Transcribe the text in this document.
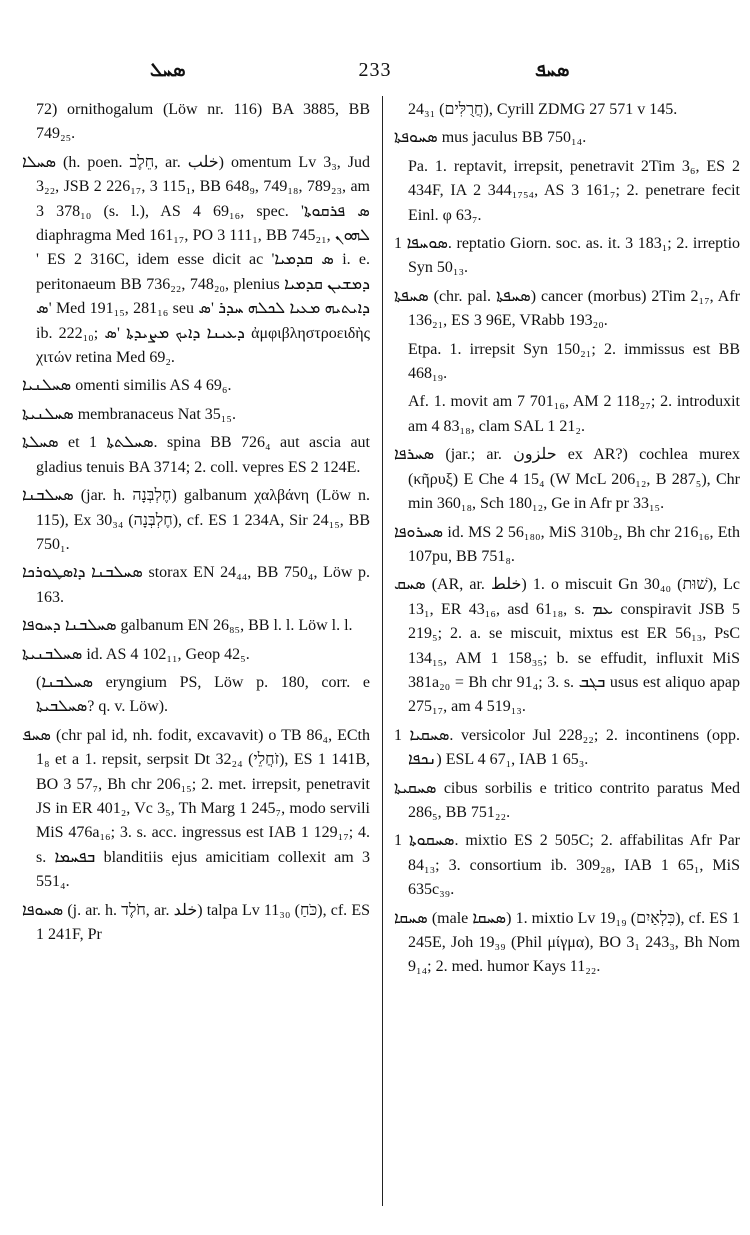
ܣܚܠ	233	ܣܚܦ

72) ornithogalum (Löw nr. 116) BA 3885, BB 749₂₅.

ܣܚܠܐ (h. poen. חֵלֶב, ar. خلب) omentum Lv 3₃, Jud 3₂₂, JSB 2 226₁₇, 3 115₁, BB 648₉, 749₁₈, 789₂₃, am 3 378₁₀ (s. l.), AS 4 69₁₆, spec. 'ܣ ܦܪܩܘܬܐ diaphragma Med 161₁₇, PO 3 111₁, BB 745₂₁, ܠܗܘܢ ' ES 2 316C, idem esse dicit ac 'ܣ ܩܕܡܝܐ i. e. peritonaeum BB 736₂₂, 748₂₀, plenius ܕܡܫܝܢ ܩܕܡܝܐ 'ܣ Med 191₁₅, 281₁₆ seu ܕܐܝܬܝܗ ܡܥܝܐ ܠܟܠܗ ܚܕܪ 'ܣ ib. 222₁₀; ܕܥܝܢܐ ܕܐܝܟ ܡܨܝܕܬܐ 'ܣ ἀμφιβληστροειδὴς χιτών retina Med 69₂.

ܣܚܠܢܝܐ omenti similis AS 4 69₆.

ܣܚܠܢܝܬܐ membranaceus Nat 35₁₅.

ܣܚܠܬܐ et ܣܚܠܬܬܐ 1. spina BB 726₄ aut ascia aut gladius tenuis BA 3714; 2. coll. vepres ES 2 124E.

ܣܚܠܒܢܐ (jar. h. חֶלְבְּנָה) galbanum χαλβάνη (Löw n. 115), Ex 30₃₄ (חֶלְבְּנָה), cf. ES 1 234A, Sir 24₁₅, BB 750₁.

ܣܚܠܒܢܐ ܕܐܣܛܘܪܟܐ storax EN 24₄₄, BB 750₄, Löw p. 163.

ܣܚܠܒܢܐ ܕܚܘܦܐ galbanum EN 26₈₅, BB l. l. Löw l. l.

ܣܚܠܒܢܝܬܐ id. AS 4 102₁₁, Geop 42₅.

(ܣܚܠܒܢܐ eryngium PS, Löw p. 180, corr. e ܣܚܠܒܝܬܐ? q. v. Löw).

ܣܚܦ (chr pal id, nh. fodit, excavavit) o TB 86₄, ECth 1₈ et a 1. repsit, serpsit Dt 32₂₄ (זֹחֲלֵי), ES 1 141B, BO 3 57₇, Bh chr 206₁₅; 2. met. irrepsit, penetravit JS in ER 401₂, Vc 3₅, Th Marg 1 245₇, modo servili MiS 476a₁₆; 3. s. acc. ingressus est IAB 1 129₁₇; 4. s. ܒܦܚܡܐ blanditiis ejus amicitiam collexit am 3 551₄.

ܣܚܘܦܐ (j. ar. h. חֹלֶד, ar. خلد) talpa Lv 11₃₀ (כֹּחַ), cf. ES 1 241F, Pr

24₃₁ (חֲרֻלִּים), Cyrill ZDMG 27 571 v 145.

ܣܚܘܦܬܐ mus jaculus BB 750₁₄.

Pa. 1. reptavit, irrepsit, penetravit 2Tim 3₆, ES 2 434F, IA 2 344₁₇₅₄, AS 3 161₇; 2. penetrare fecit Einl. φ 63₇.

ܣܘܚܦܐ 1. reptatio Giorn. soc. as. it. 3 183₁; 2. irreptio Syn 50₁₃.

ܣܚܦܬܐ (chr. pal. ܣܚܦܬܐ) cancer (morbus) 2Tim 2₁₇, Afr 136₂₁, ES 3 96E, VRabb 193₂₀.

Etpa. 1. irrepsit Syn 150₂₁; 2. immissus est BB 468₁₉.

Af. 1. movit am 7 701₁₆, AM 2 118₂₇; 2. introduxit am 4 83₁₈, clam SAL 1 21₂.

ܣܚܪܦܐ (jar.; ar. حلزون ex AR?) cochlea murex (κῆρυξ) E Che 4 15₄ (W McL 206₁₂, B 287₅), Chr min 360₁₈, Sch 180₁₂, Ge in Afr pr 33₁₅.

ܣܚܪܘܦܐ id. MS 2 56₁₈₀, MiS 310b₂, Bh chr 216₁₆, Eth 107pu, BB 751₈.

ܣܚܩ (AR, ar. خلط) 1. o miscuit Gn 30₄₀ (שׁוּת), Lc 13₁, ER 43₁₆, asd 61₁₈, s. ܥܡ conspiravit JSB 5 219₅; 2. a. se miscuit, mixtus est ER 56₁₃, PsC 134₁₅, AM 1 158₃₅; b. se effudit, influxit MiS 381a₂₀ = Bh chr 91₄; 3. s. ܒܓܒ usus est aliquo apap 275₁₇, am 4 519₁₃.

ܣܚܩܝܐ 1. versicolor Jul 228₂₂; 2. incontinens (opp. ܢܟܦܐ) ESL 4 67₁, IAB 1 65₃.

ܣܚܩܝܬܐ cibus sorbilis e tritico contrito paratus Med 286₅, BB 751₂₂.

ܣܚܩܘܬܐ 1. mixtio ES 2 505C; 2. affabilitas Afr Par 84₁₃; 3. consortium ib. 309₂₈, IAB 1 65₁, MiS 635c₃₉.

ܣܚܩܐ (male ܣܚܩܐ) 1. mixtio Lv 19₁₉ (כִּלְאַיִם), cf. ES 1 245E, Joh 19₃₉ (Phil μίγμα), BO 3₁ 243₃, Bh Nom 9₁₄; 2. med. humor Kays 11₂₂.
